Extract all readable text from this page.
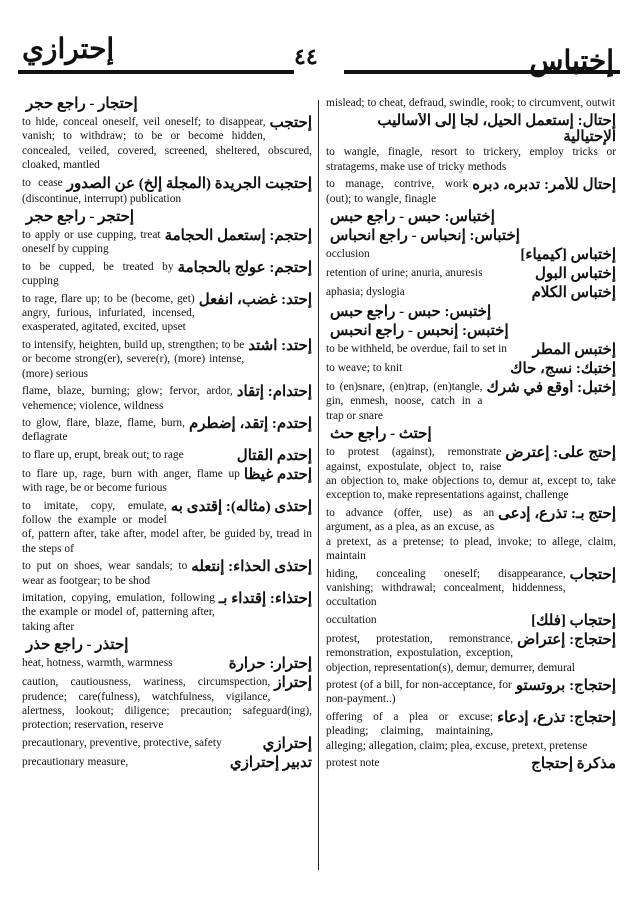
إحترازي	٤٤	إختباس
إحتجار - راجع حجر
إحتجب
to hide, conceal oneself, veil oneself; to disappear, vanish; to withdraw; to be or become hidden, concealed, veiled, covered, screened, sheltered, obscured, cloaked, mantled
إحتجبت الجريدة (المجلة إلخ) عن الصدور
to cease (discontinue, interrupt) publication
إحتجر - راجع حجر
إحتجم: إستعمل الحجامة
to apply or use cupping, treat oneself by cupping
إحتجم: عولج بالحجامة
to be cupped, be treated by cupping
إحتد: غضب، انفعل
to rage, flare up; to be (become, get) angry, furious, infuriated, incensed, exasperated, agitated, excited, upset
إحتد: اشتد
to intensify, heighten, build up, strengthen; to be or become strong(er), severe(r), (more) intense, (more) serious
إحتدام: إتقاد
flame, blaze, burning; glow; fervor, ardor, vehemence; violence, wildness
إحتدم: إتقد، إضطرم
to glow, flare, blaze, flame, burn, deflagrate
إحتدم القتال
to flare up, erupt, break out; to rage
إحتدم غيظا
to flare up, rage, burn with anger, flame up with rage, be or become furious
إحتذى (مثاله): إقتدى به
to imitate, copy, emulate, follow the example or model of, pattern after, take after, model after, be guided by, tread in the steps of
إحتذى الحذاء: إنتعله
to put on shoes, wear sandals; to wear as footgear; to be shod
إحتذاء: إقتداء بـ
imitation, copying, emulation, following the example or model of, patterning after, taking after
إحتذر - راجع حذر
إحترار: حرارة
heat, hotness, warmth, warmness
إحتراز
caution, cautiousness, wariness, circumspection, prudence; care(fulness), watchfulness, vigilance, alertness, lookout; diligence; precaution; safeguard(ing), protection; reservation, reserve
إحترازي
precautionary, preventive, protective, safety
تدبير إحترازي
precautionary measure,
mislead; to cheat, defraud, swindle, rook; to circumvent, outwit
إحتال: إستعمل الحيل، لجأ إلى الأساليب الإحتيالية
to wangle, finagle, resort to trickery, employ tricks or stratagems, make use of tricky methods
إحتال للأمر: تدبره، دبره
to manage, contrive, work (out); to wangle, finagle
إختباس: حبس - راجع حبس
إختباس: إنحباس - راجع انحباس
إختباس [كيمياء]
occlusion
إختباس البول
retention of urine; anuria, anuresis
إختباس الكلام
aphasia; dyslogia
إختبس: حبس - راجع حبس
إختبس: إنحبس - راجع انحبس
إختبس المطر
to be withheld, be overdue, fail to set in
إختبك: نسج، حاك
to weave; to knit
إختبل: أوقع في شرك
to (en)snare, (en)trap, (en)tangle, gin, enmesh, noose, catch in a trap or snare
إحتث - راجع حث
إحتج على: إعترض
to protest (against), remonstrate against, expostulate, object to, raise an objection to, make objections to, demur at, except to, take exception to, make representations against, challenge
إحتج بـ: تذرع، إدعى
to advance (offer, use) as an argument, as a plea, as an excuse, as a pretext, as a pretense; to plead, invoke; to allege, claim, maintain
إحتجاب
hiding, concealing oneself; disappearance, vanishing; withdrawal; concealment, hiddenness, occultation
إحتجاب [فلك]
occultation
إحتجاج: إعتراض
protest, protestation, remonstrance, remonstration, expostulation, exception, objection, representation(s), demur, demurrer, demural
إحتجاج: بروتستو
protest (of a bill, for non-acceptance, for non-payment..)
إحتجاج: تذرع، إدعاء
offering of a plea or excuse; pleading; claiming, maintaining, alleging; allegation, claim; plea, excuse, pretext, pretense
مذكرة إحتجاج
protest note
